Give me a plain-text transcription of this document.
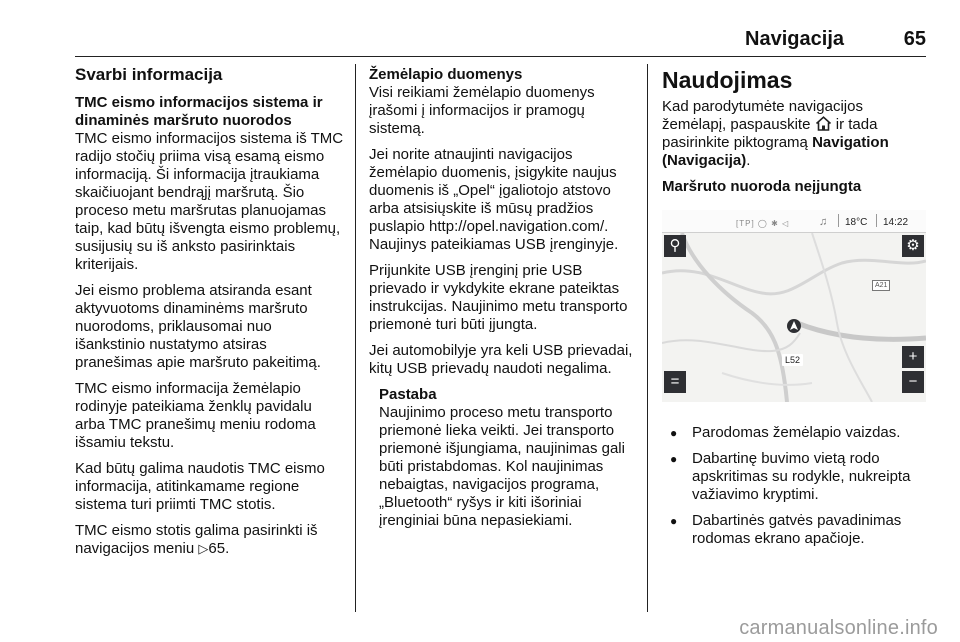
Navigacija	65
Svarbi informacija

TMC eismo informacijos sistema ir dinaminės maršruto nuorodos

TMC eismo informacijos sistema iš TMC radijo stočių priima visą esamą eismo informaciją. Ši informacija įtraukiama skaičiuojant bendrąjį maršrutą. Šio proceso metu maršrutas planuojamas taip, kad būtų išvengta eismo problemų, susijusių su iš anksto pasirinktais kriterijais.

Jei eismo problema atsiranda esant aktyvuotoms dinaminėms maršruto nuorodoms, priklausomai nuo išankstinio nustatymo atsiras pranešimas apie maršruto pakeitimą.

TMC eismo informacija žemėlapio rodinyje pateikiama ženklų pavidalu arba TMC pranešimų meniu rodoma išsamiu tekstu.

Kad būtų galima naudotis TMC eismo informacija, atitinkamame regione sistema turi priimti TMC stotis.

TMC eismo stotis galima pasirinkti iš navigacijos meniu ▷65.

Žemėlapio duomenys

Visi reikiami žemėlapio duomenys įrašomi į informacijos ir pramogų sistemą.

Jei norite atnaujinti navigacijos žemėlapio duomenis, įsigykite naujus duomenis iš „Opel“ įgaliotojo atstovo arba atsisiųskite iš mūsų pradžios puslapio http://opel.navigation.com/. Naujinys pateikiamas USB įrenginyje.

Prijunkite USB įrenginį prie USB prievado ir vykdykite ekrane pateiktas instrukcijas. Naujinimo metu transporto priemonė turi būti įjungta.

Jei automobilyje yra keli USB prievadai, kitų USB prievadų naudoti negalima.

Pastaba
Naujinimo proceso metu transporto priemonė lieka veikti. Jei transporto priemonė išjungiama, naujinimas gali būti pristabdomas. Kol naujinimas nebaigtas, navigacijos programa, „Bluetooth“ ryšys ir kiti išoriniai įrenginiai būna nepasiekiami.
Naudojimas

Kad parodytumėte navigacijos žemėlapį, paspauskite ir tada pasirinkite piktogramą Navigation (Navigacija).

Maršruto nuoroda neįjungta

[TP] ◯ ✱ ◁	♫ 18°C 14:22
⚲	⚙
+
−
=
A21
L52
● Parodomas žemėlapio vaizdas.
● Dabartinę buvimo vietą rodo apskritimas su rodykle, nukreipta važiavimo kryptimi.
● Dabartinės gatvės pavadinimas rodomas ekrano apačioje.
carmanualsonline.info
